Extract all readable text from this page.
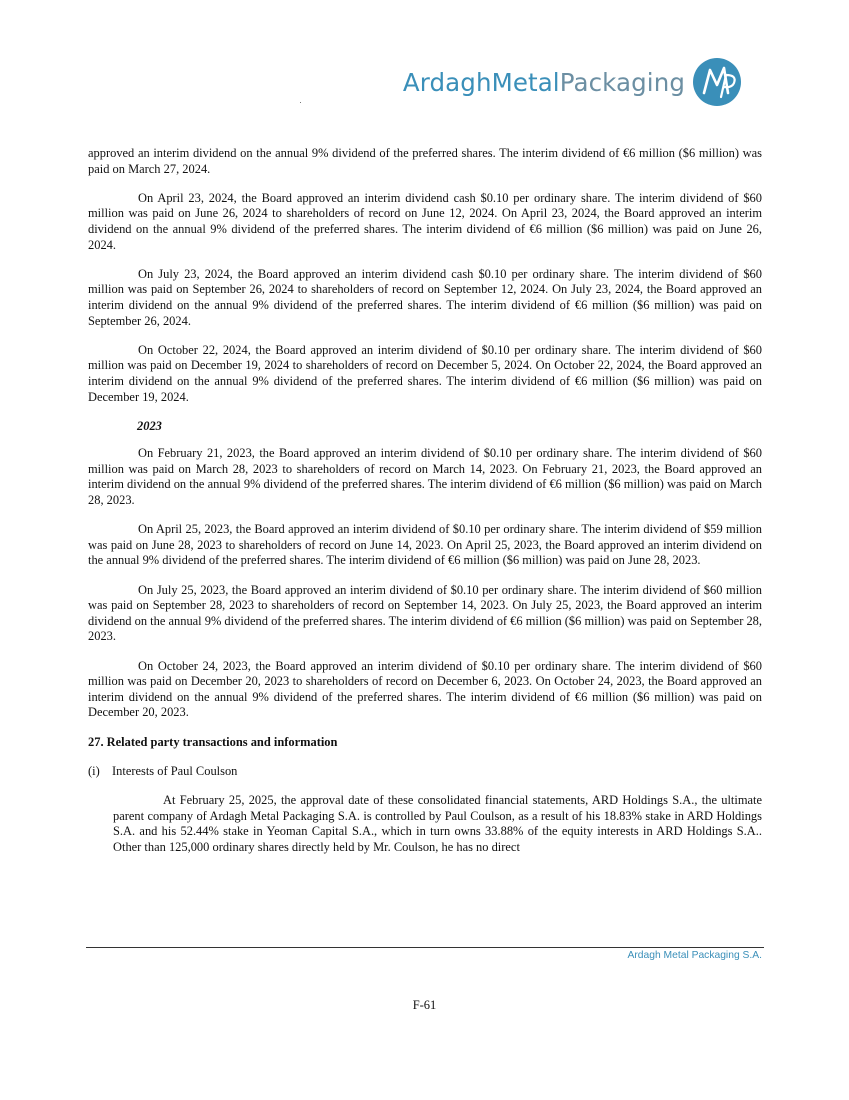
ArdaghMetalPackaging

approved an interim dividend on the annual 9% dividend of the preferred shares. The interim dividend of €6 million ($6 million) was paid on March 27, 2024.

On April 23, 2024, the Board approved an interim dividend cash $0.10 per ordinary share. The interim dividend of $60 million was paid on June 26, 2024 to shareholders of record on June 12, 2024. On April 23, 2024, the Board approved an interim dividend on the annual 9% dividend of the preferred shares. The interim dividend of €6 million ($6 million) was paid on June 26, 2024.

On July 23, 2024, the Board approved an interim dividend cash $0.10 per ordinary share. The interim dividend of $60 million was paid on September 26, 2024 to shareholders of record on September 12, 2024. On July 23, 2024, the Board approved an interim dividend on the annual 9% dividend of the preferred shares. The interim dividend of €6 million ($6 million) was paid on September 26, 2024.

On October 22, 2024, the Board approved an interim dividend of $0.10 per ordinary share. The interim dividend of $60 million was paid on December 19, 2024 to shareholders of record on December 5, 2024. On October 22, 2024, the Board approved an interim dividend on the annual 9% dividend of the preferred shares. The interim dividend of €6 million ($6 million) was paid on December 19, 2024.

2023

On February 21, 2023, the Board approved an interim dividend of $0.10 per ordinary share. The interim dividend of $60 million was paid on March 28, 2023 to shareholders of record on March 14, 2023. On February 21, 2023, the Board approved an interim dividend on the annual 9% dividend of the preferred shares. The interim dividend of €6 million ($6 million) was paid on March 28, 2023.

On April 25, 2023, the Board approved an interim dividend of $0.10 per ordinary share. The interim dividend of $59 million was paid on June 28, 2023 to shareholders of record on June 14, 2023. On April 25, 2023, the Board approved an interim dividend on the annual 9% dividend of the preferred shares. The interim dividend of €6 million ($6 million) was paid on June 28, 2023.

On July 25, 2023, the Board approved an interim dividend of $0.10 per ordinary share. The interim dividend of $60 million was paid on September 28, 2023 to shareholders of record on September 14, 2023. On July 25, 2023, the Board approved an interim dividend on the annual 9% dividend of the preferred shares. The interim dividend of €6 million ($6 million) was paid on September 28, 2023.

On October 24, 2023, the Board approved an interim dividend of $0.10 per ordinary share. The interim dividend of $60 million was paid on December 20, 2023 to shareholders of record on December 6, 2023. On October 24, 2023, the Board approved an interim dividend on the annual 9% dividend of the preferred shares. The interim dividend of €6 million ($6 million) was paid on December 20, 2023.

27. Related party transactions and information

(i) Interests of Paul Coulson

At February 25, 2025, the approval date of these consolidated financial statements, ARD Holdings S.A., the ultimate parent company of Ardagh Metal Packaging S.A. is controlled by Paul Coulson, as a result of his 18.83% stake in ARD Holdings S.A. and his 52.44% stake in Yeoman Capital S.A., which in turn owns 33.88% of the equity interests in ARD Holdings S.A.. Other than 125,000 ordinary shares directly held by Mr. Coulson, he has no direct

Ardagh Metal Packaging S.A.
F-61
